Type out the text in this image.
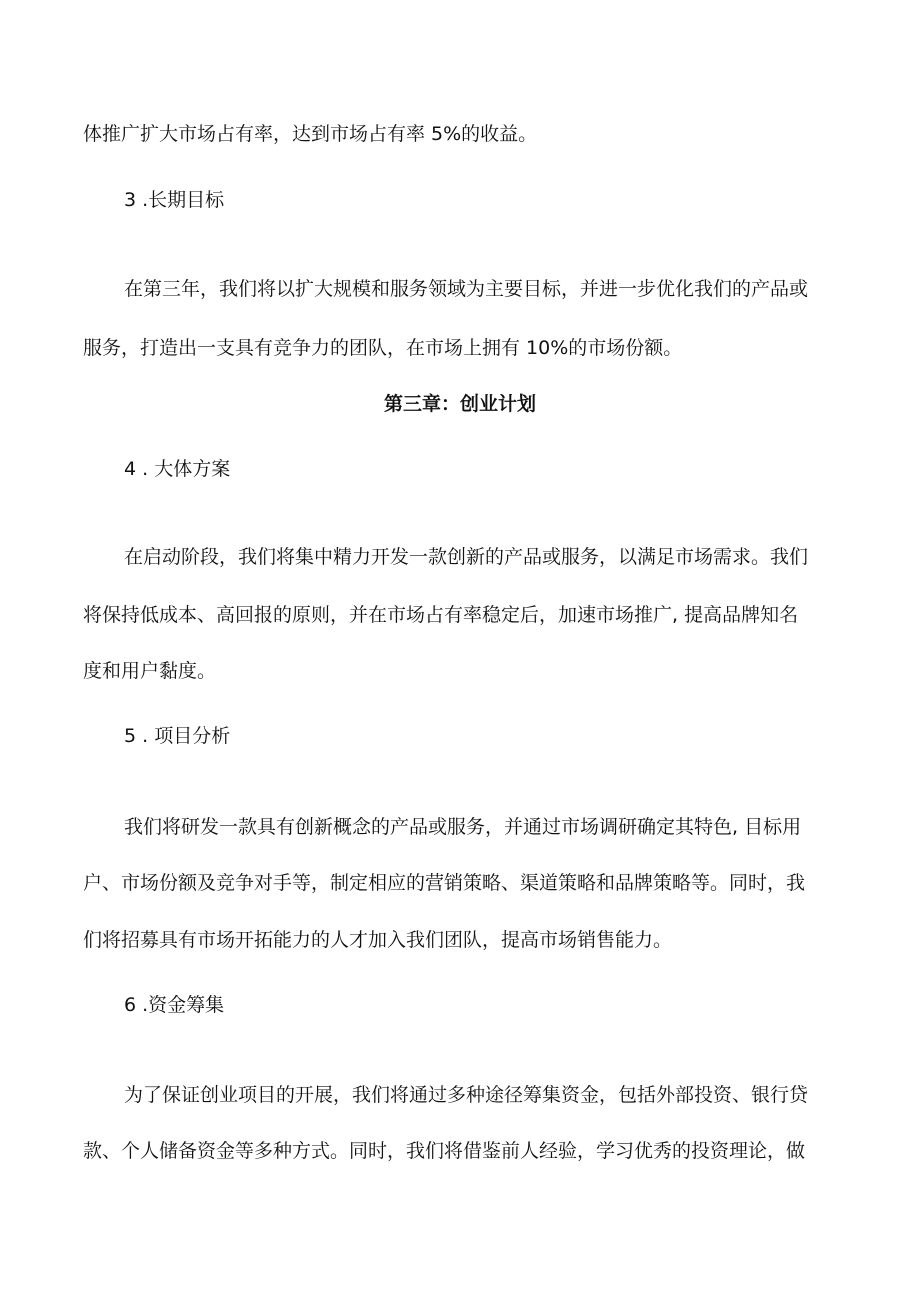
体推广扩大市场占有率，达到市场占有率 5%的收益。
3 .长期目标
在第三年，我们将以扩大规模和服务领域为主要目标，并进一步优化我们的产品或
服务，打造出一支具有竞争力的团队，在市场上拥有 10%的市场份额。
第三章：创业计划
4 . 大体方案
在启动阶段，我们将集中精力开发一款创新的产品或服务，以满足市场需求。我们
将保持低成本、高回报的原则，并在市场占有率稳定后，加速市场推广, 提高品牌知名
度和用户黏度。
5 . 项目分析
我们将研发一款具有创新概念的产品或服务，并通过市场调研确定其特色, 目标用
户、市场份额及竞争对手等，制定相应的营销策略、渠道策略和品牌策略等。同时，我
们将招募具有市场开拓能力的人才加入我们团队，提高市场销售能力。
6 .资金筹集
为了保证创业项目的开展，我们将通过多种途径筹集资金，包括外部投资、银行贷
款、个人储备资金等多种方式。同时，我们将借鉴前人经验，学习优秀的投资理论，做
